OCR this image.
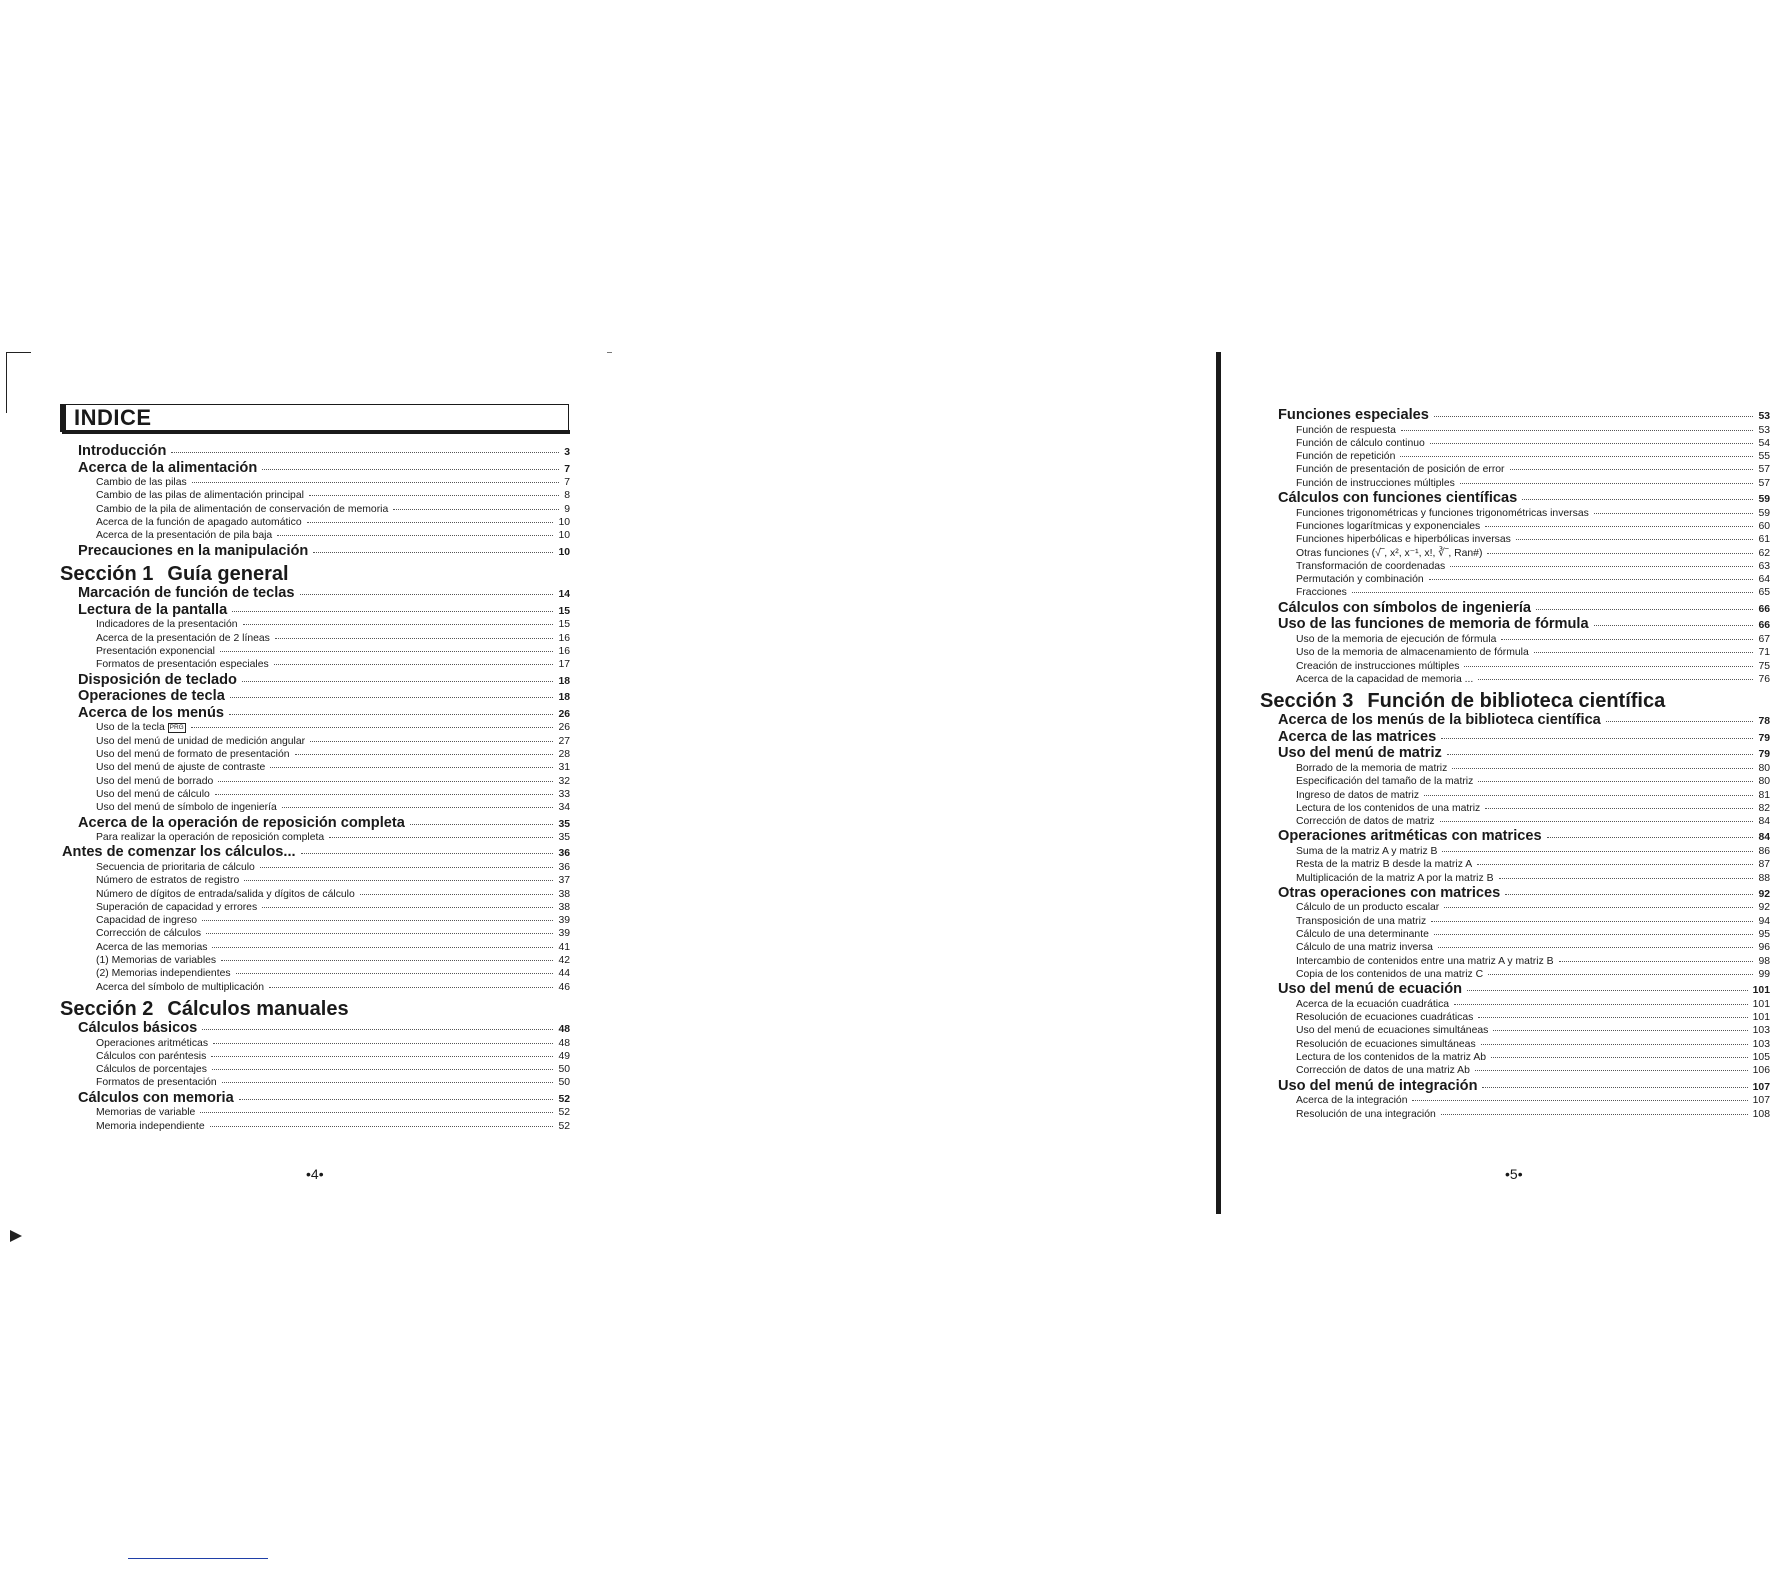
INDICE
Introducción	3
Acerca de la alimentación	7
Cambio de las pilas	7
Cambio de las pilas de alimentación principal	8
Cambio de la pila de alimentación de conservación de memoria	9
Acerca de la función de apagado automático	10
Acerca de la presentación de pila baja	10
Precauciones en la manipulación	10
Sección 1 Guía general
Marcación de función de teclas	14
Lectura de la pantalla	15
Indicadores de la presentación	15
Acerca de la presentación de 2 líneas	16
Presentación exponencial	16
Formatos de presentación especiales	17
Disposición de teclado	18
Operaciones de tecla	18
Acerca de los menús	26
Uso de la tecla PRG	26
Uso del menú de unidad de medición angular	27
Uso del menú de formato de presentación	28
Uso del menú de ajuste de contraste	31
Uso del menú de borrado	32
Uso del menú de cálculo	33
Uso del menú de símbolo de ingeniería	34
Acerca de la operación de reposición completa	35
Para realizar la operación de reposición completa	35
Antes de comenzar los cálculos...	36
Secuencia de prioritaria de cálculo	36
Número de estratos de registro	37
Número de dígitos de entrada/salida y dígitos de cálculo	38
Superación de capacidad y errores	38
Capacidad de ingreso	39
Corrección de cálculos	39
Acerca de las memorias	41
(1) Memorias de variables	42
(2) Memorias independientes	44
Acerca del símbolo de multiplicación	46
Sección 2 Cálculos manuales
Cálculos básicos	48
Operaciones aritméticas	48
Cálculos con paréntesis	49
Cálculos de porcentajes	50
Formatos de presentación	50
Cálculos con memoria	52
Memorias de variable	52
Memoria independiente	52
•4•
Funciones especiales	53
Función de respuesta	53
Función de cálculo continuo	54
Función de repetición	55
Función de presentación de posición de error	57
Función de instrucciones múltiples	57
Cálculos con funciones científicas	59
Funciones trigonométricas y funciones trigonométricas inversas	59
Funciones logarítmicas y exponenciales	60
Funciones hiperbólicas e hiperbólicas inversas	61
Otras funciones (√‾, x², x⁻¹, x!, ∛‾, Ran#)	62
Transformación de coordenadas	63
Permutación y combinación	64
Fracciones	65
Cálculos con símbolos de ingeniería	66
Uso de las funciones de memoria de fórmula	66
Uso de la memoria de ejecución de fórmula	67
Uso de la memoria de almacenamiento de fórmula	71
Creación de instrucciones múltiples	75
Acerca de la capacidad de memoria ...	76
Sección 3 Función de biblioteca científica
Acerca de los menús de la biblioteca científica	78
Acerca de las matrices	79
Uso del menú de matriz	79
Borrado de la memoria de matriz	80
Especificación del tamaño de la matriz	80
Ingreso de datos de matriz	81
Lectura de los contenidos de una matriz	82
Corrección de datos de matriz	84
Operaciones aritméticas con matrices	84
Suma de la matriz A y matriz B	86
Resta de la matriz B desde la matriz A	87
Multiplicación de la matriz A por la matriz B	88
Otras operaciones con matrices	92
Cálculo de un producto escalar	92
Transposición de una matriz	94
Cálculo de una determinante	95
Cálculo de una matriz inversa	96
Intercambio de contenidos entre una matriz A y matriz B	98
Copia de los contenidos de una matriz C	99
Uso del menú de ecuación	101
Acerca de la ecuación cuadrática	101
Resolución de ecuaciones cuadráticas	101
Uso del menú de ecuaciones simultáneas	103
Resolución de ecuaciones simultáneas	103
Lectura de los contenidos de la matriz Ab	105
Corrección de datos de una matriz Ab	106
Uso del menú de integración	107
Acerca de la integración	107
Resolución de una integración	108
•5•
